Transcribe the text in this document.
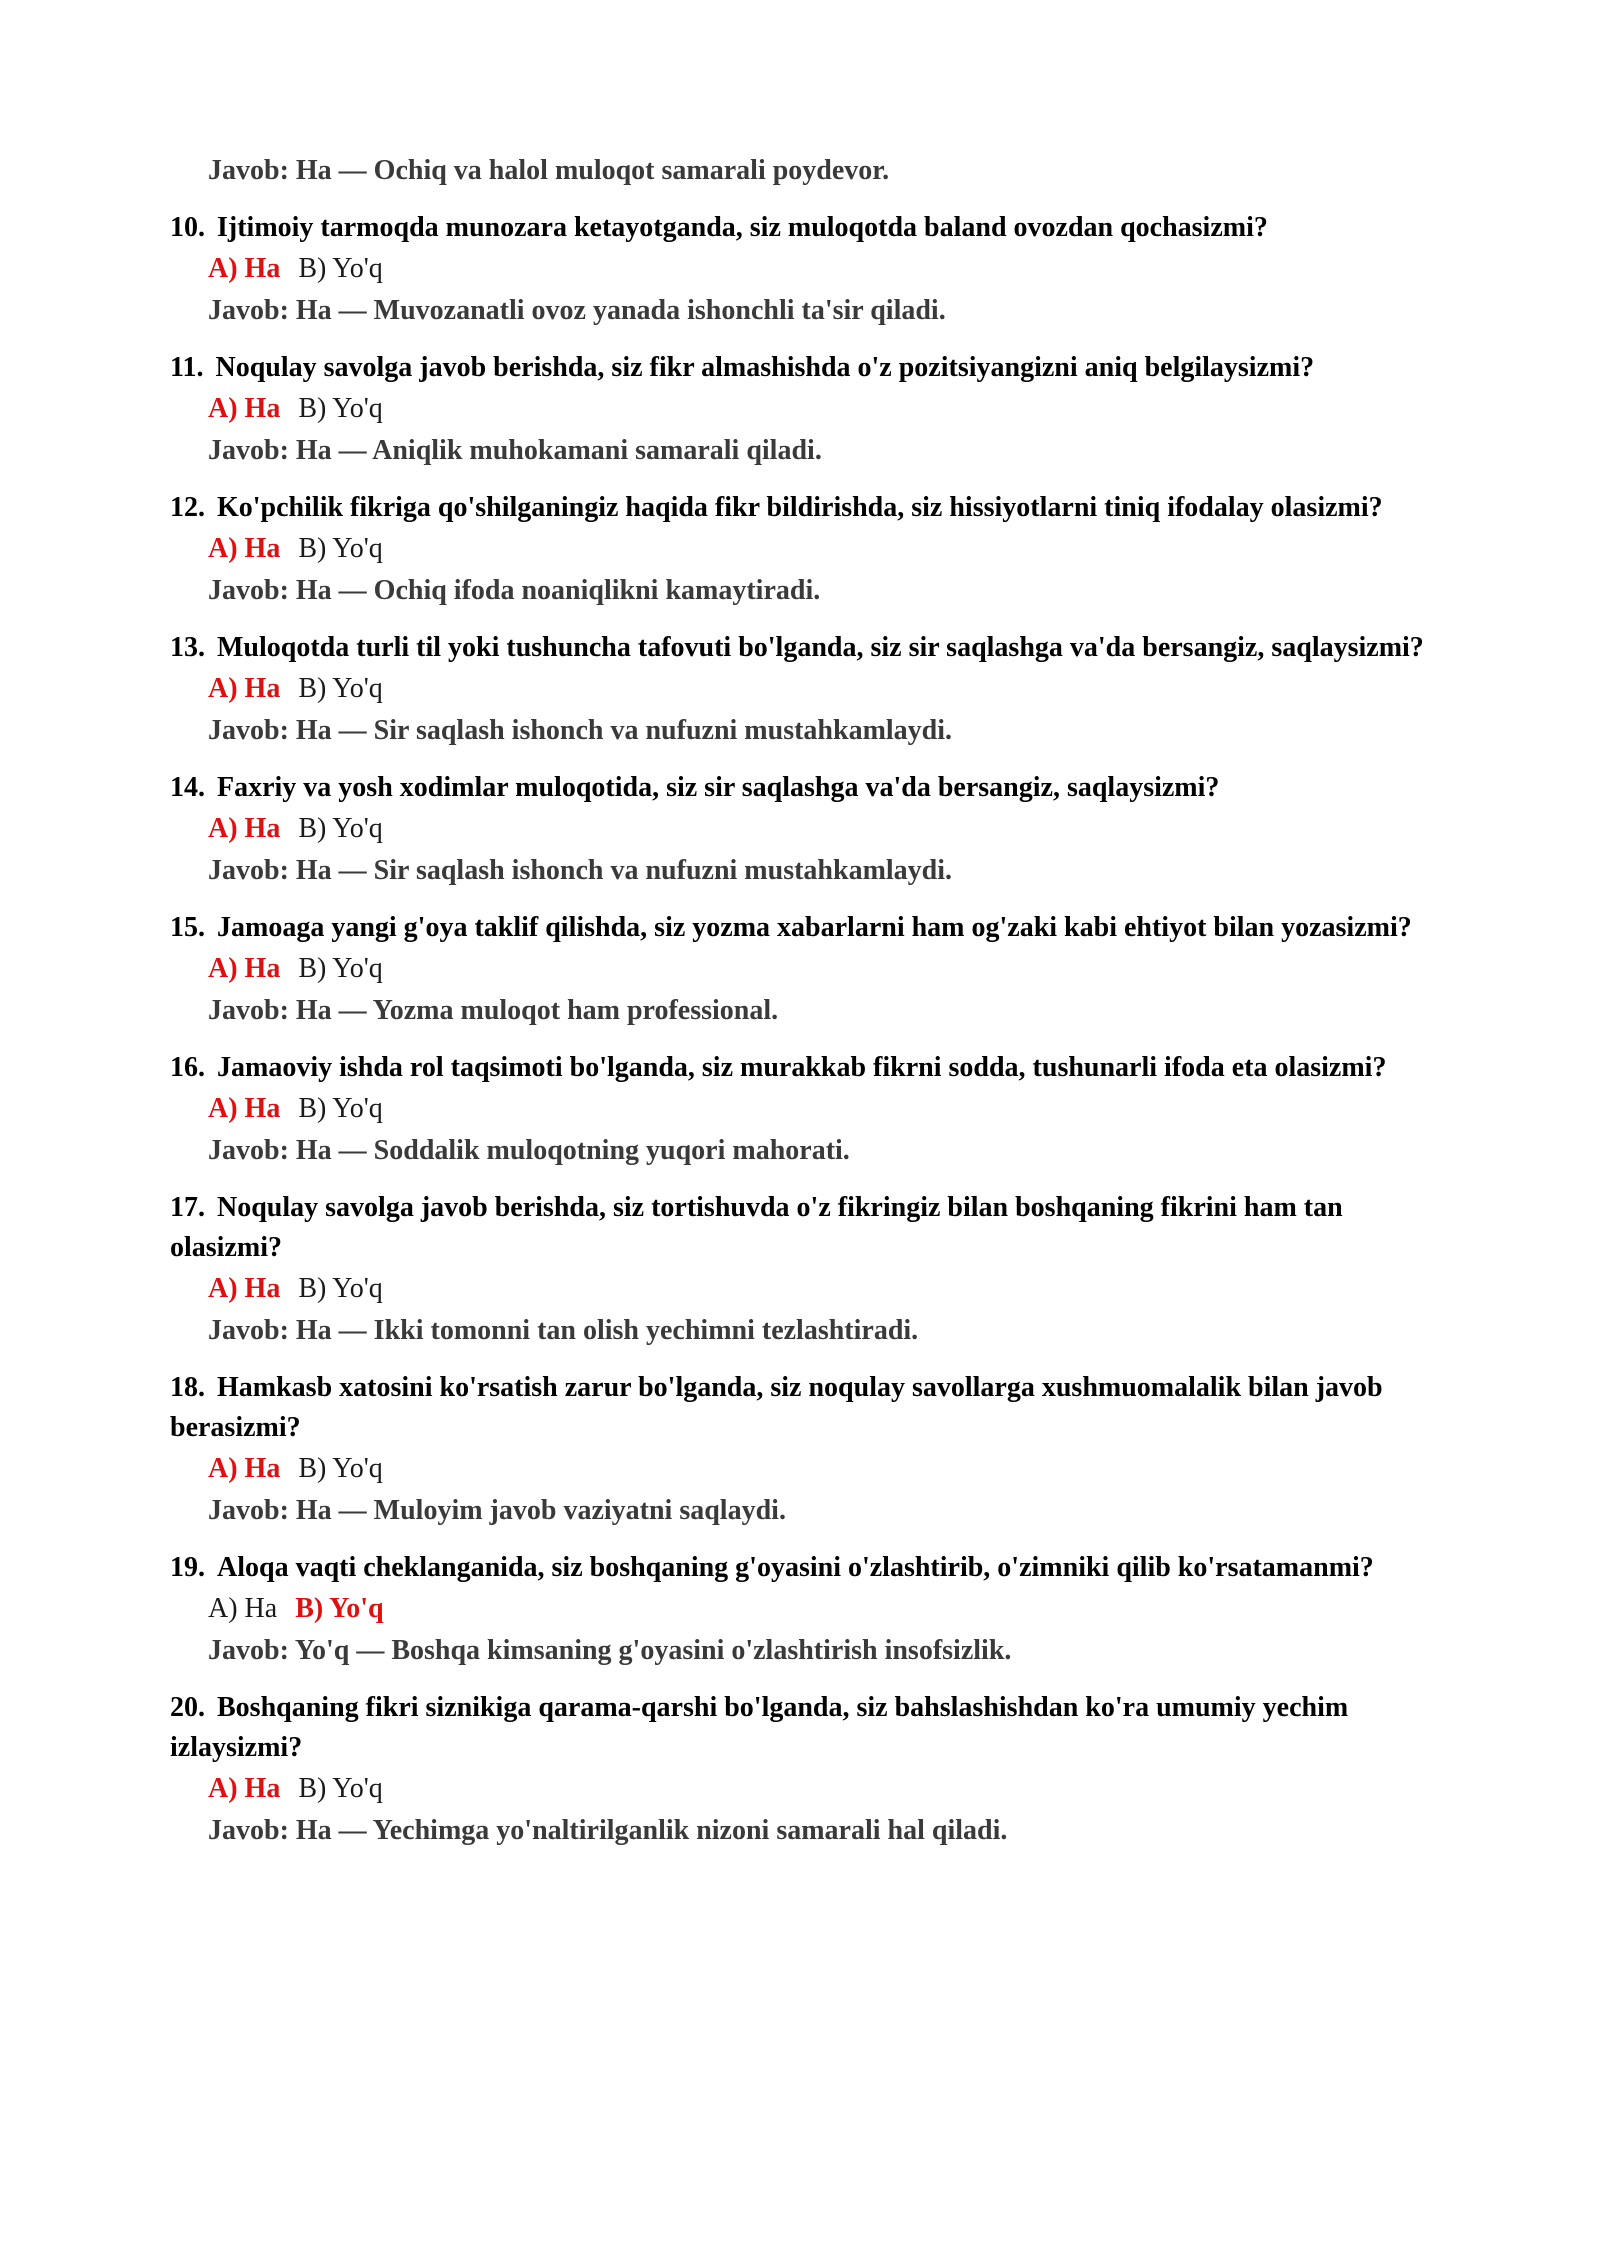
Javob: Ha — Ochiq va halol muloqot samarali poydevor.
10. Ijtimoiy tarmoqda munozara ketayotganda, siz muloqotda baland ovozdan qochasizmi?
A) Ha B) Yo'q
Javob: Ha — Muvozanatli ovoz yanada ishonchli ta'sir qiladi.
11. Noqulay savolga javob berishda, siz fikr almashishda o'z pozitsiyangizni aniq belgilaysizmi?
A) Ha B) Yo'q
Javob: Ha — Aniqlik muhokamani samarali qiladi.
12. Ko'pchilik fikriga qo'shilganingiz haqida fikr bildirishda, siz hissiyotlarni tiniq ifodalay olasizmi?
A) Ha B) Yo'q
Javob: Ha — Ochiq ifoda noaniqlikni kamaytiradi.
13. Muloqotda turli til yoki tushuncha tafovuti bo'lganda, siz sir saqlashga va'da bersangiz, saqlaysizmi?
A) Ha B) Yo'q
Javob: Ha — Sir saqlash ishonch va nufuzni mustahkamlaydi.
14. Faxriy va yosh xodimlar muloqotida, siz sir saqlashga va'da bersangiz, saqlaysizmi?
A) Ha B) Yo'q
Javob: Ha — Sir saqlash ishonch va nufuzni mustahkamlaydi.
15. Jamoaga yangi g'oya taklif qilishda, siz yozma xabarlarni ham og'zaki kabi ehtiyot bilan yozasizmi?
A) Ha B) Yo'q
Javob: Ha — Yozma muloqot ham professional.
16. Jamaoviy ishda rol taqsimoti bo'lganda, siz murakkab fikrni sodda, tushunarli ifoda eta olasizmi?
A) Ha B) Yo'q
Javob: Ha — Soddalik muloqotning yuqori mahorati.
17. Noqulay savolga javob berishda, siz tortishuvda o'z fikringiz bilan boshqaning fikrini ham tan olasizmi?
A) Ha B) Yo'q
Javob: Ha — Ikki tomonni tan olish yechimni tezlashtiradi.
18. Hamkasb xatosini ko'rsatish zarur bo'lganda, siz noqulay savollarga xushmuomalalik bilan javob berasizmi?
A) Ha B) Yo'q
Javob: Ha — Muloyim javob vaziyatni saqlaydi.
19. Aloqa vaqti cheklanganida, siz boshqaning g'oyasini o'zlashtirib, o'zimniki qilib ko'rsatamanmi?
A) Ha B) Yo'q
Javob: Yo'q — Boshqa kimsaning g'oyasini o'zlashtirish insofsizlik.
20. Boshqaning fikri siznikiga qarama-qarshi bo'lganda, siz bahslashishdan ko'ra umumiy yechim izlaysizmi?
A) Ha B) Yo'q
Javob: Ha — Yechimga yo'naltirilganlik nizoni samarali hal qiladi.
